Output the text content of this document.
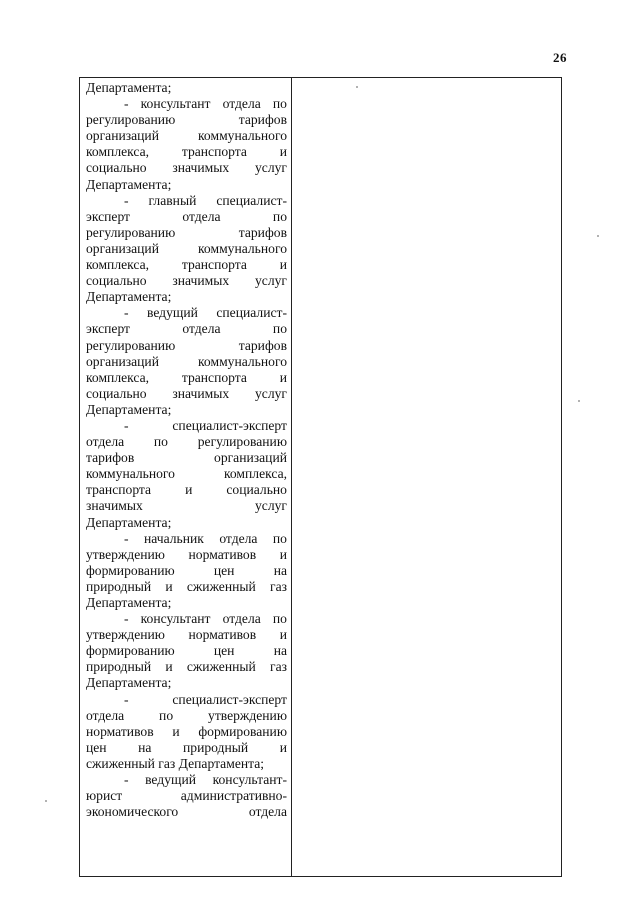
26
Департамента;
- консультант отдела по
регулированию	тарифов
организаций	коммунального
комплекса, транспорта и
социально значимых услуг
Департамента;
- главный специалист-
эксперт	отдела	по
регулированию	тарифов
организаций	коммунального
комплекса, транспорта и
социально значимых услуг
Департамента;
- ведущий специалист-
эксперт	отдела	по
регулированию	тарифов
организаций	коммунального
комплекса, транспорта и
социально значимых услуг
Департамента;
-	специалист-эксперт
отдела по регулированию
тарифов	организаций
коммунального	комплекса,
транспорта	и	социально
значимых	услуг
Департамента;
- начальник отдела по
утверждению нормативов и
формированию	цен	на
природный и сжиженный газ
Департамента;
- консультант отдела по
утверждению нормативов и
формированию	цен	на
природный и сжиженный газ
Департамента;
-	специалист-эксперт
отдела	по	утверждению
нормативов и формированию
цен на природный и
сжиженный газ Департамента;
- ведущий консультант-
юрист	административно-
экономического	отдела
